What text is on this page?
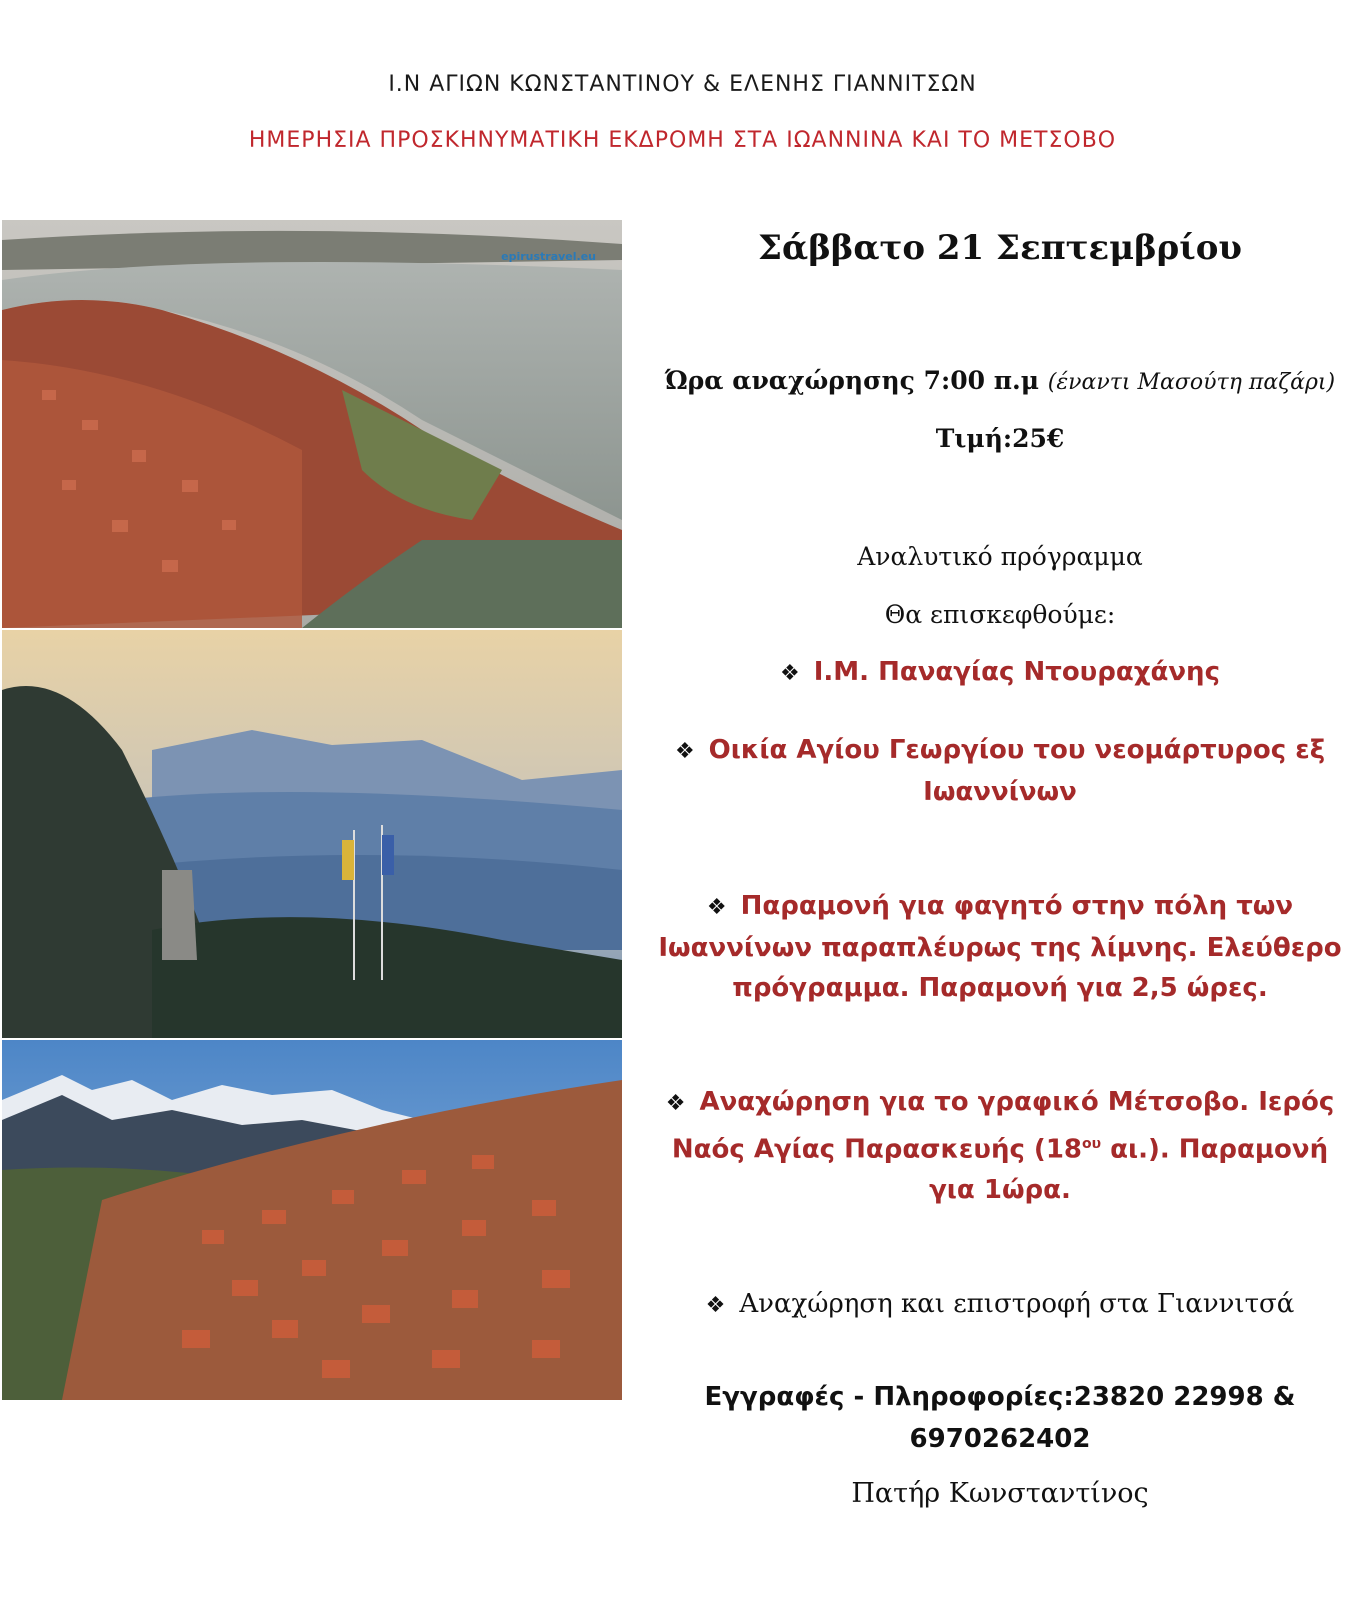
Ι.Ν ΑΓΙΩΝ ΚΩΝΣΤΑΝΤΙΝΟΥ & ΕΛΕΝΗΣ ΓΙΑΝΝΙΤΣΩΝ
ΗΜΕΡΗΣΙΑ ΠΡΟΣΚΗΝΥΜΑΤΙΚΗ ΕΚΔΡΟΜΗ ΣΤΑ ΙΩΑΝΝΙΝΑ ΚΑΙ ΤΟ ΜΕΤΣΟΒΟ
epirustravel.eu	Σάββατο 21 Σεπτεμβρίου
Ώρα αναχώρησης 7:00 π.μ (έναντι Μασούτη παζάρι)
Τιμή:25€
Αναλυτικό πρόγραμμα
Θα επισκεφθούμε:
❖ Ι.Μ. Παναγίας Ντουραχάνης
❖ Οικία Αγίου Γεωργίου του νεομάρτυρος εξ
Ιωαννίνων
❖ Παραμονή για φαγητό στην πόλη των
Ιωαννίνων παραπλέυρως της λίμνης. Ελεύθερο
πρόγραμμα. Παραμονή για 2,5 ώρες.
❖ Αναχώρηση για το γραφικό Μέτσοβο. Ιερός
Ναός Αγίας Παρασκευής ($18^{o\upsilon}$ αι.). Παραμονή
για 1ώρα.
❖ Αναχώρηση και επιστροφή στα Γιαννιτσά
Εγγραφές - Πληροφορίες:23820 22998 &
6970262402
Πατήρ Κωνσταντίνος
